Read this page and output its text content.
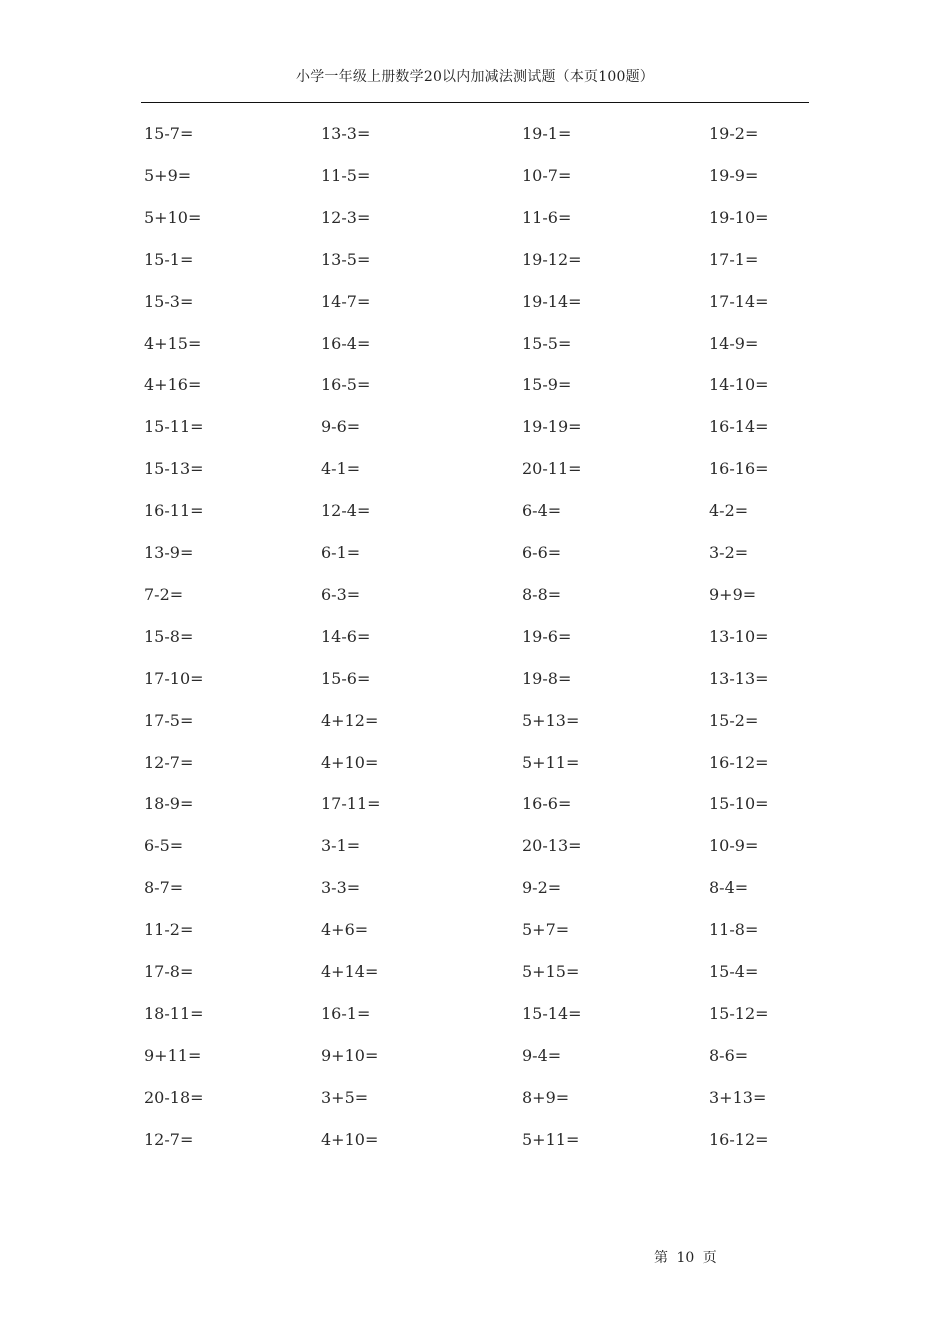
小学一年级上册数学20以内加减法测试题（本页100题）
15-7=	13-3=	19-1=	19-2=
5+9=	11-5=	10-7=	19-9=
5+10=	12-3=	11-6=	19-10=
15-1=	13-5=	19-12=	17-1=
15-3=	14-7=	19-14=	17-14=
4+15=	16-4=	15-5=	14-9=
4+16=	16-5=	15-9=	14-10=
15-11=	9-6=	19-19=	16-14=
15-13=	4-1=	20-11=	16-16=
16-11=	12-4=	6-4=	4-2=
13-9=	6-1=	6-6=	3-2=
7-2=	6-3=	8-8=	9+9=
15-8=	14-6=	19-6=	13-10=
17-10=	15-6=	19-8=	13-13=
17-5=	4+12=	5+13=	15-2=
12-7=	4+10=	5+11=	16-12=
18-9=	17-11=	16-6=	15-10=
6-5=	3-1=	20-13=	10-9=
8-7=	3-3=	9-2=	8-4=
11-2=	4+6=	5+7=	11-8=
17-8=	4+14=	5+15=	15-4=
18-11=	16-1=	15-14=	15-12=
9+11=	9+10=	9-4=	8-6=
20-18=	3+5=	8+9=	3+13=
12-7=	4+10=	5+11=	16-12=
第 10 页
